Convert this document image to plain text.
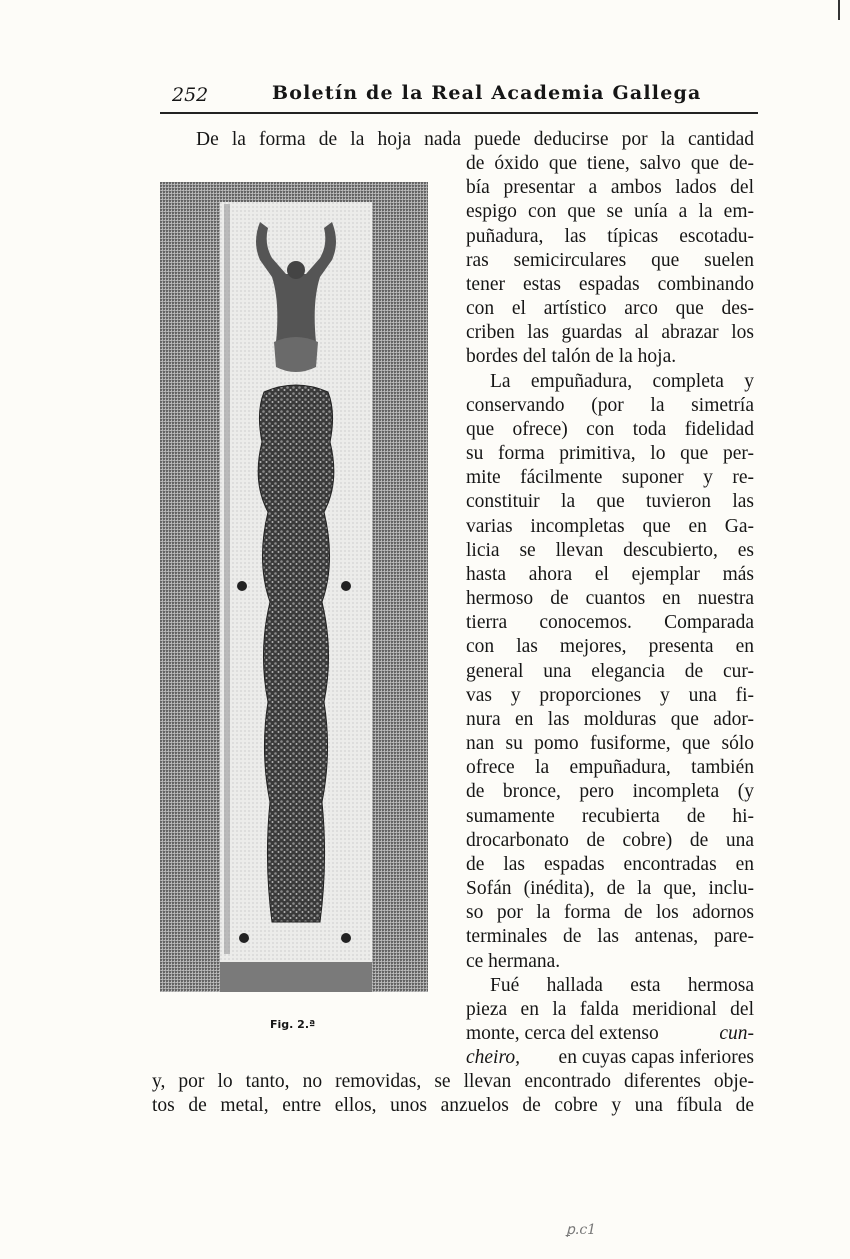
252	Boletín de la Real Academia Gallega
De la forma de la hoja nada puede deducirse por la cantidad
de óxido que tiene, salvo que de-
bía presentar a ambos lados del
espigo con que se unía a la em-
puñadura, las típicas escotadu-
ras semicirculares que suelen
tener estas espadas combinando
con el artístico arco que des-
criben las guardas al abrazar los
bordes del talón de la hoja.
La empuñadura, completa y
conservando (por la simetría
que ofrece) con toda fidelidad
su forma primitiva, lo que per-
mite fácilmente suponer y re-
constituir la que tuvieron las
varias incompletas que en Ga-
licia se llevan descubierto, es
hasta ahora el ejemplar más
hermoso de cuantos en nuestra
tierra conocemos. Comparada
con las mejores, presenta en
general una elegancia de cur-
vas y proporciones y una fi-
nura en las molduras que ador-
nan su pomo fusiforme, que sólo
ofrece la empuñadura, también
de bronce, pero incompleta (y
sumamente recubierta de hi-
drocarbonato de cobre) de una
de las espadas encontradas en
Sofán (inédita), de la que, inclu-
so por la forma de los adornos
terminales de las antenas, pare-
ce hermana.
Fué hallada esta hermosa
pieza en la falda meridional del
monte, cerca del extenso	cun-
cheiro,	en cuyas capas inferiores
y, por lo tanto, no removidas, se llevan encontrado diferentes obje-
tos de metal, entre ellos, unos anzuelos de cobre y una fíbula de
Fig. 2.ª
ꝑ.c1
